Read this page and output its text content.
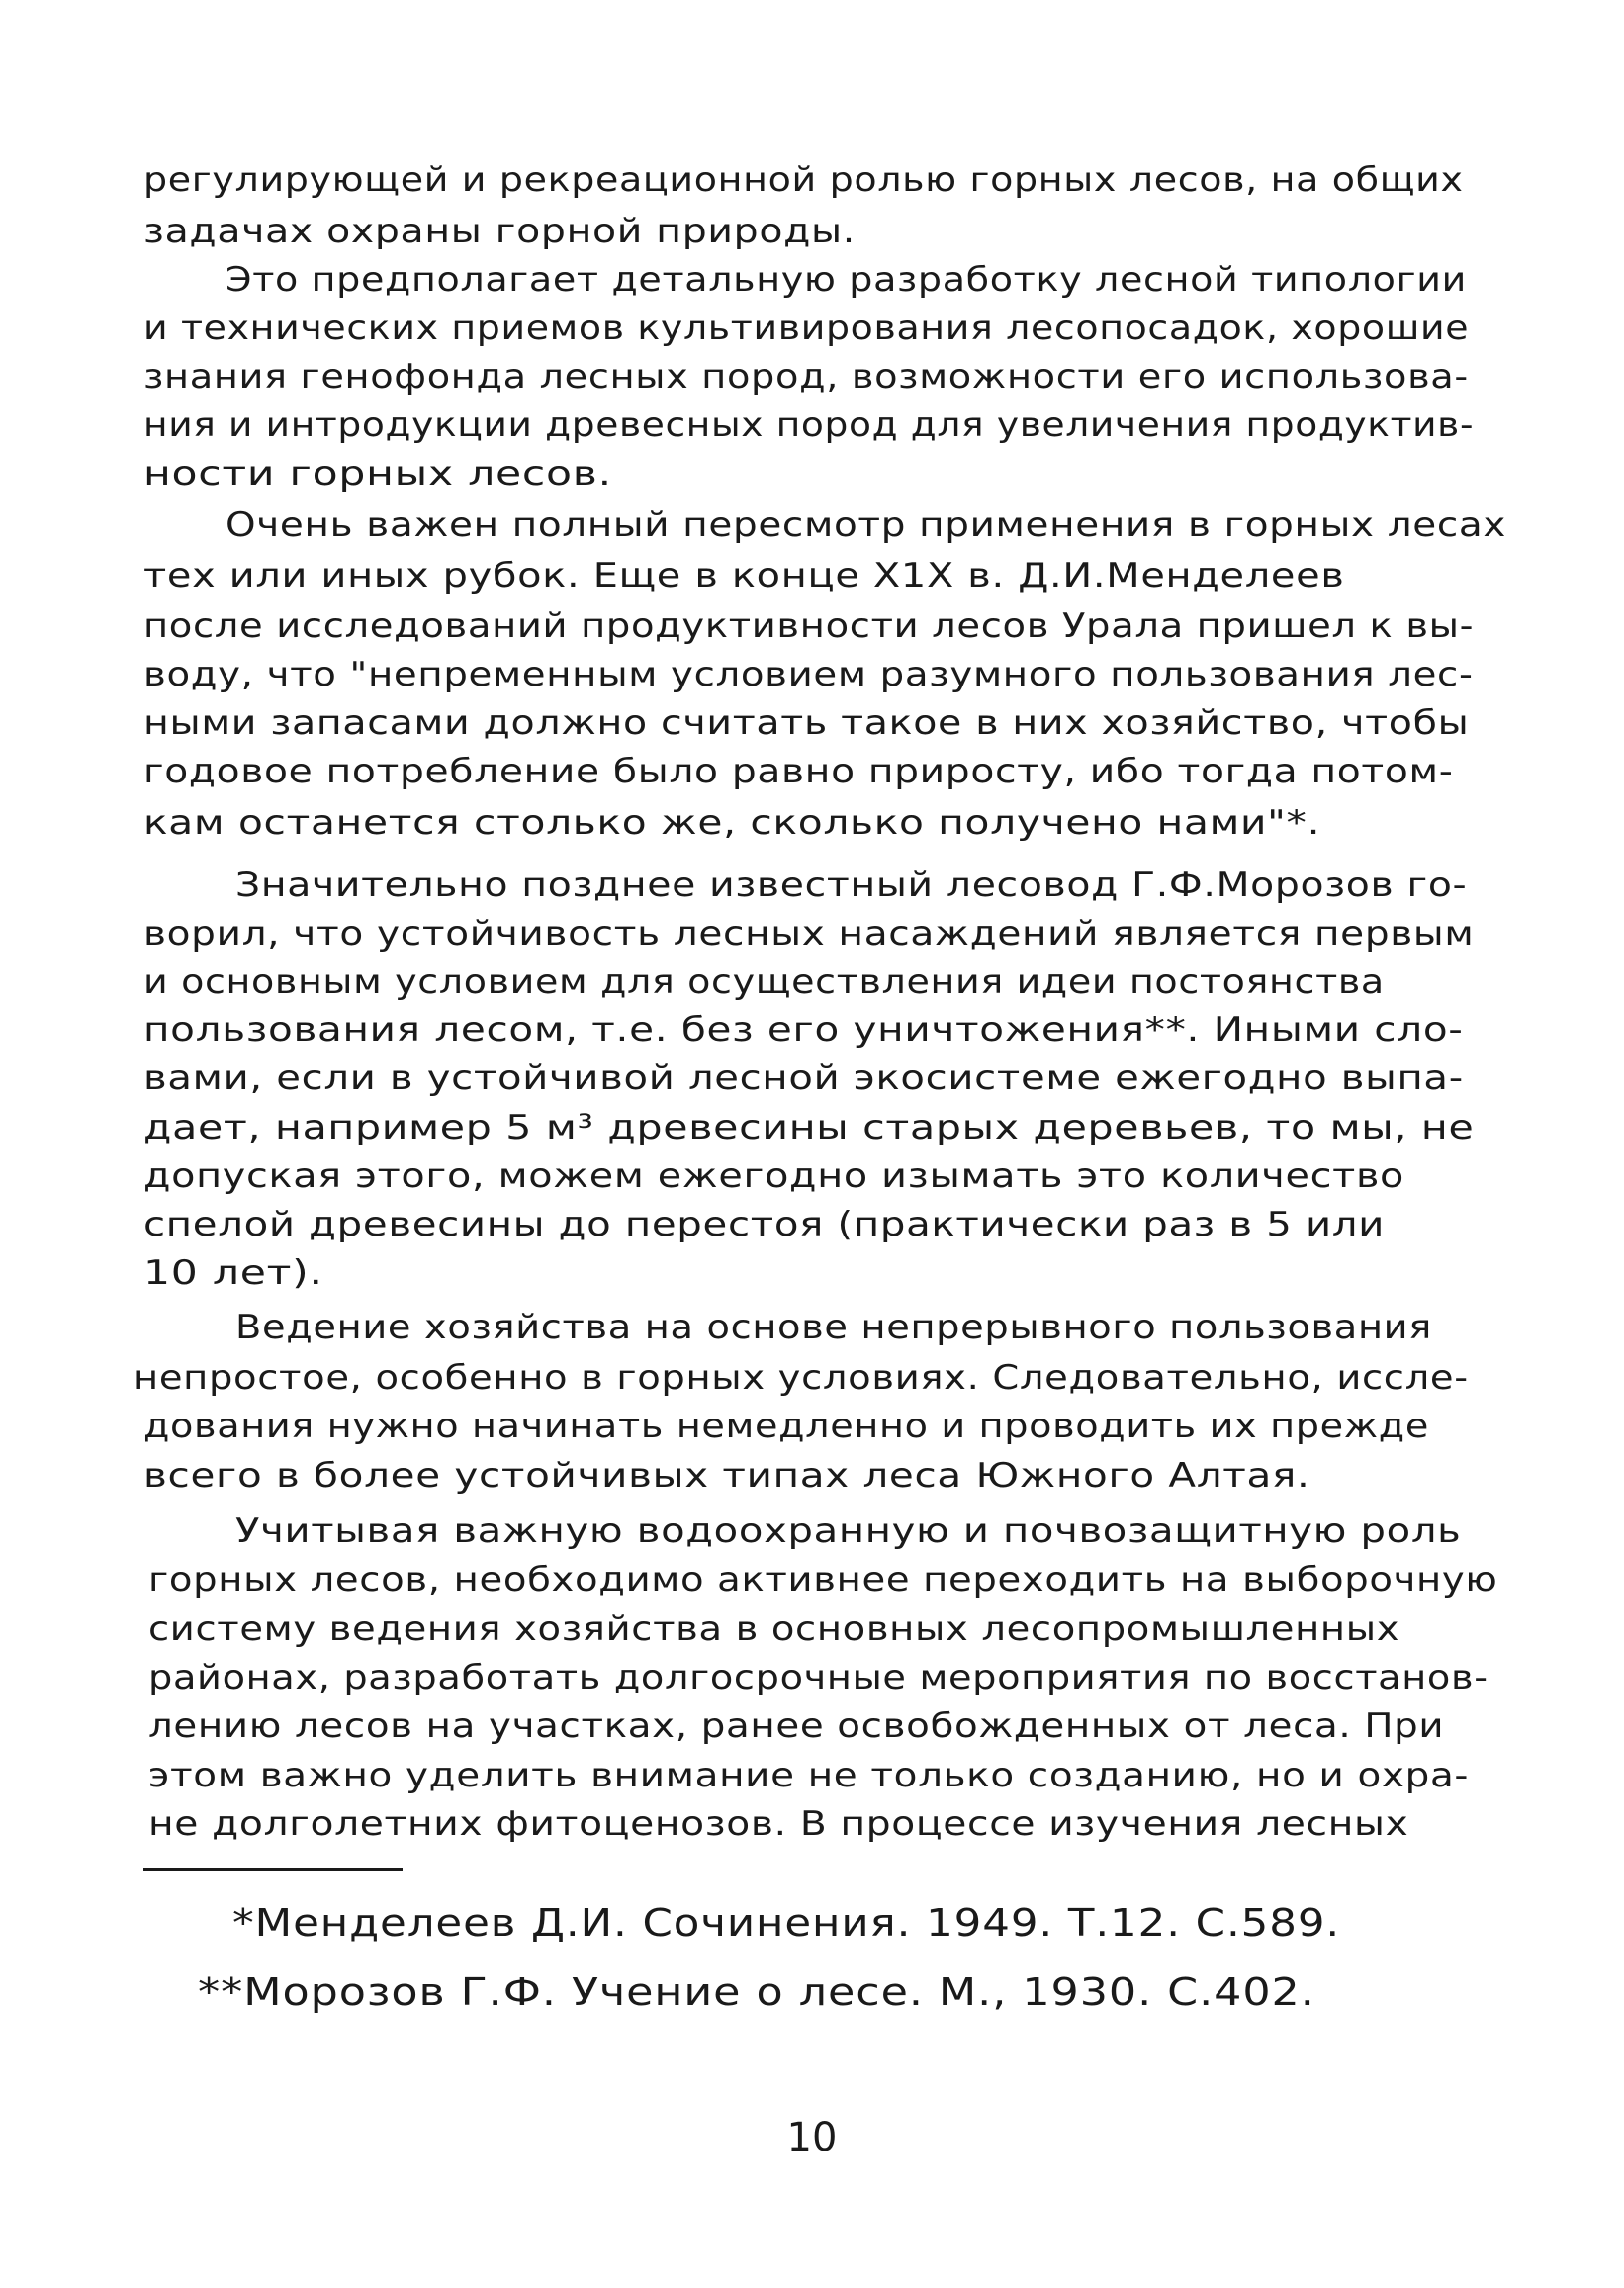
регулирующей и рекреационной ролью горных лесов, на общих
задачах охраны горной природы.
Это предполагает детальную разработку лесной типологии
и технических приемов культивирования лесопосадок, хорошие
знания генофонда лесных пород, возможности его использова-
ния и интродукции древесных пород для увеличения продуктив-
ности горных лесов.
Очень важен полный пересмотр применения в горных лесах
тех или иных рубок. Еще в конце Х1Х в. Д.И.Менделеев
после исследований продуктивности лесов Урала пришел к вы-
воду, что "непременным условием разумного пользования лес-
ными запасами должно считать такое в них хозяйство, чтобы
годовое потребление было равно приросту, ибо тогда потом-
кам останется столько же, сколько получено нами"*.
Значительно позднее известный лесовод Г.Ф.Морозов го-
ворил, что устойчивость лесных насаждений является первым
и основным условием для осуществления идеи постоянства
пользования лесом, т.е. без его уничтожения**. Иными сло-
вами, если в устойчивой лесной экосистеме ежегодно выпа-
дает, например 5 м³ древесины старых деревьев, то мы, не
допуская этого, можем ежегодно изымать это количество
спелой древесины до перестоя (практически раз в 5 или
10 лет).
Ведение хозяйства на основе непрерывного пользования
непростое, особенно в горных условиях. Следовательно, иссле-
дования нужно начинать немедленно и проводить их прежде
всего в более устойчивых типах леса Южного Алтая.
Учитывая важную водоохранную и почвозащитную роль
горных лесов, необходимо активнее переходить на выборочную
систему ведения хозяйства в основных лесопромышленных
районах, разработать долгосрочные мероприятия по восстанов-
лению лесов на участках, ранее освобожденных от леса. При
этом важно уделить внимание не только созданию, но и охра-
не долголетних фитоценозов. В процессе изучения лесных
*Менделеев Д.И. Сочинения. 1949. Т.12. С.589.
**Морозов Г.Ф. Учение о лесе. М., 1930. С.402.
10
